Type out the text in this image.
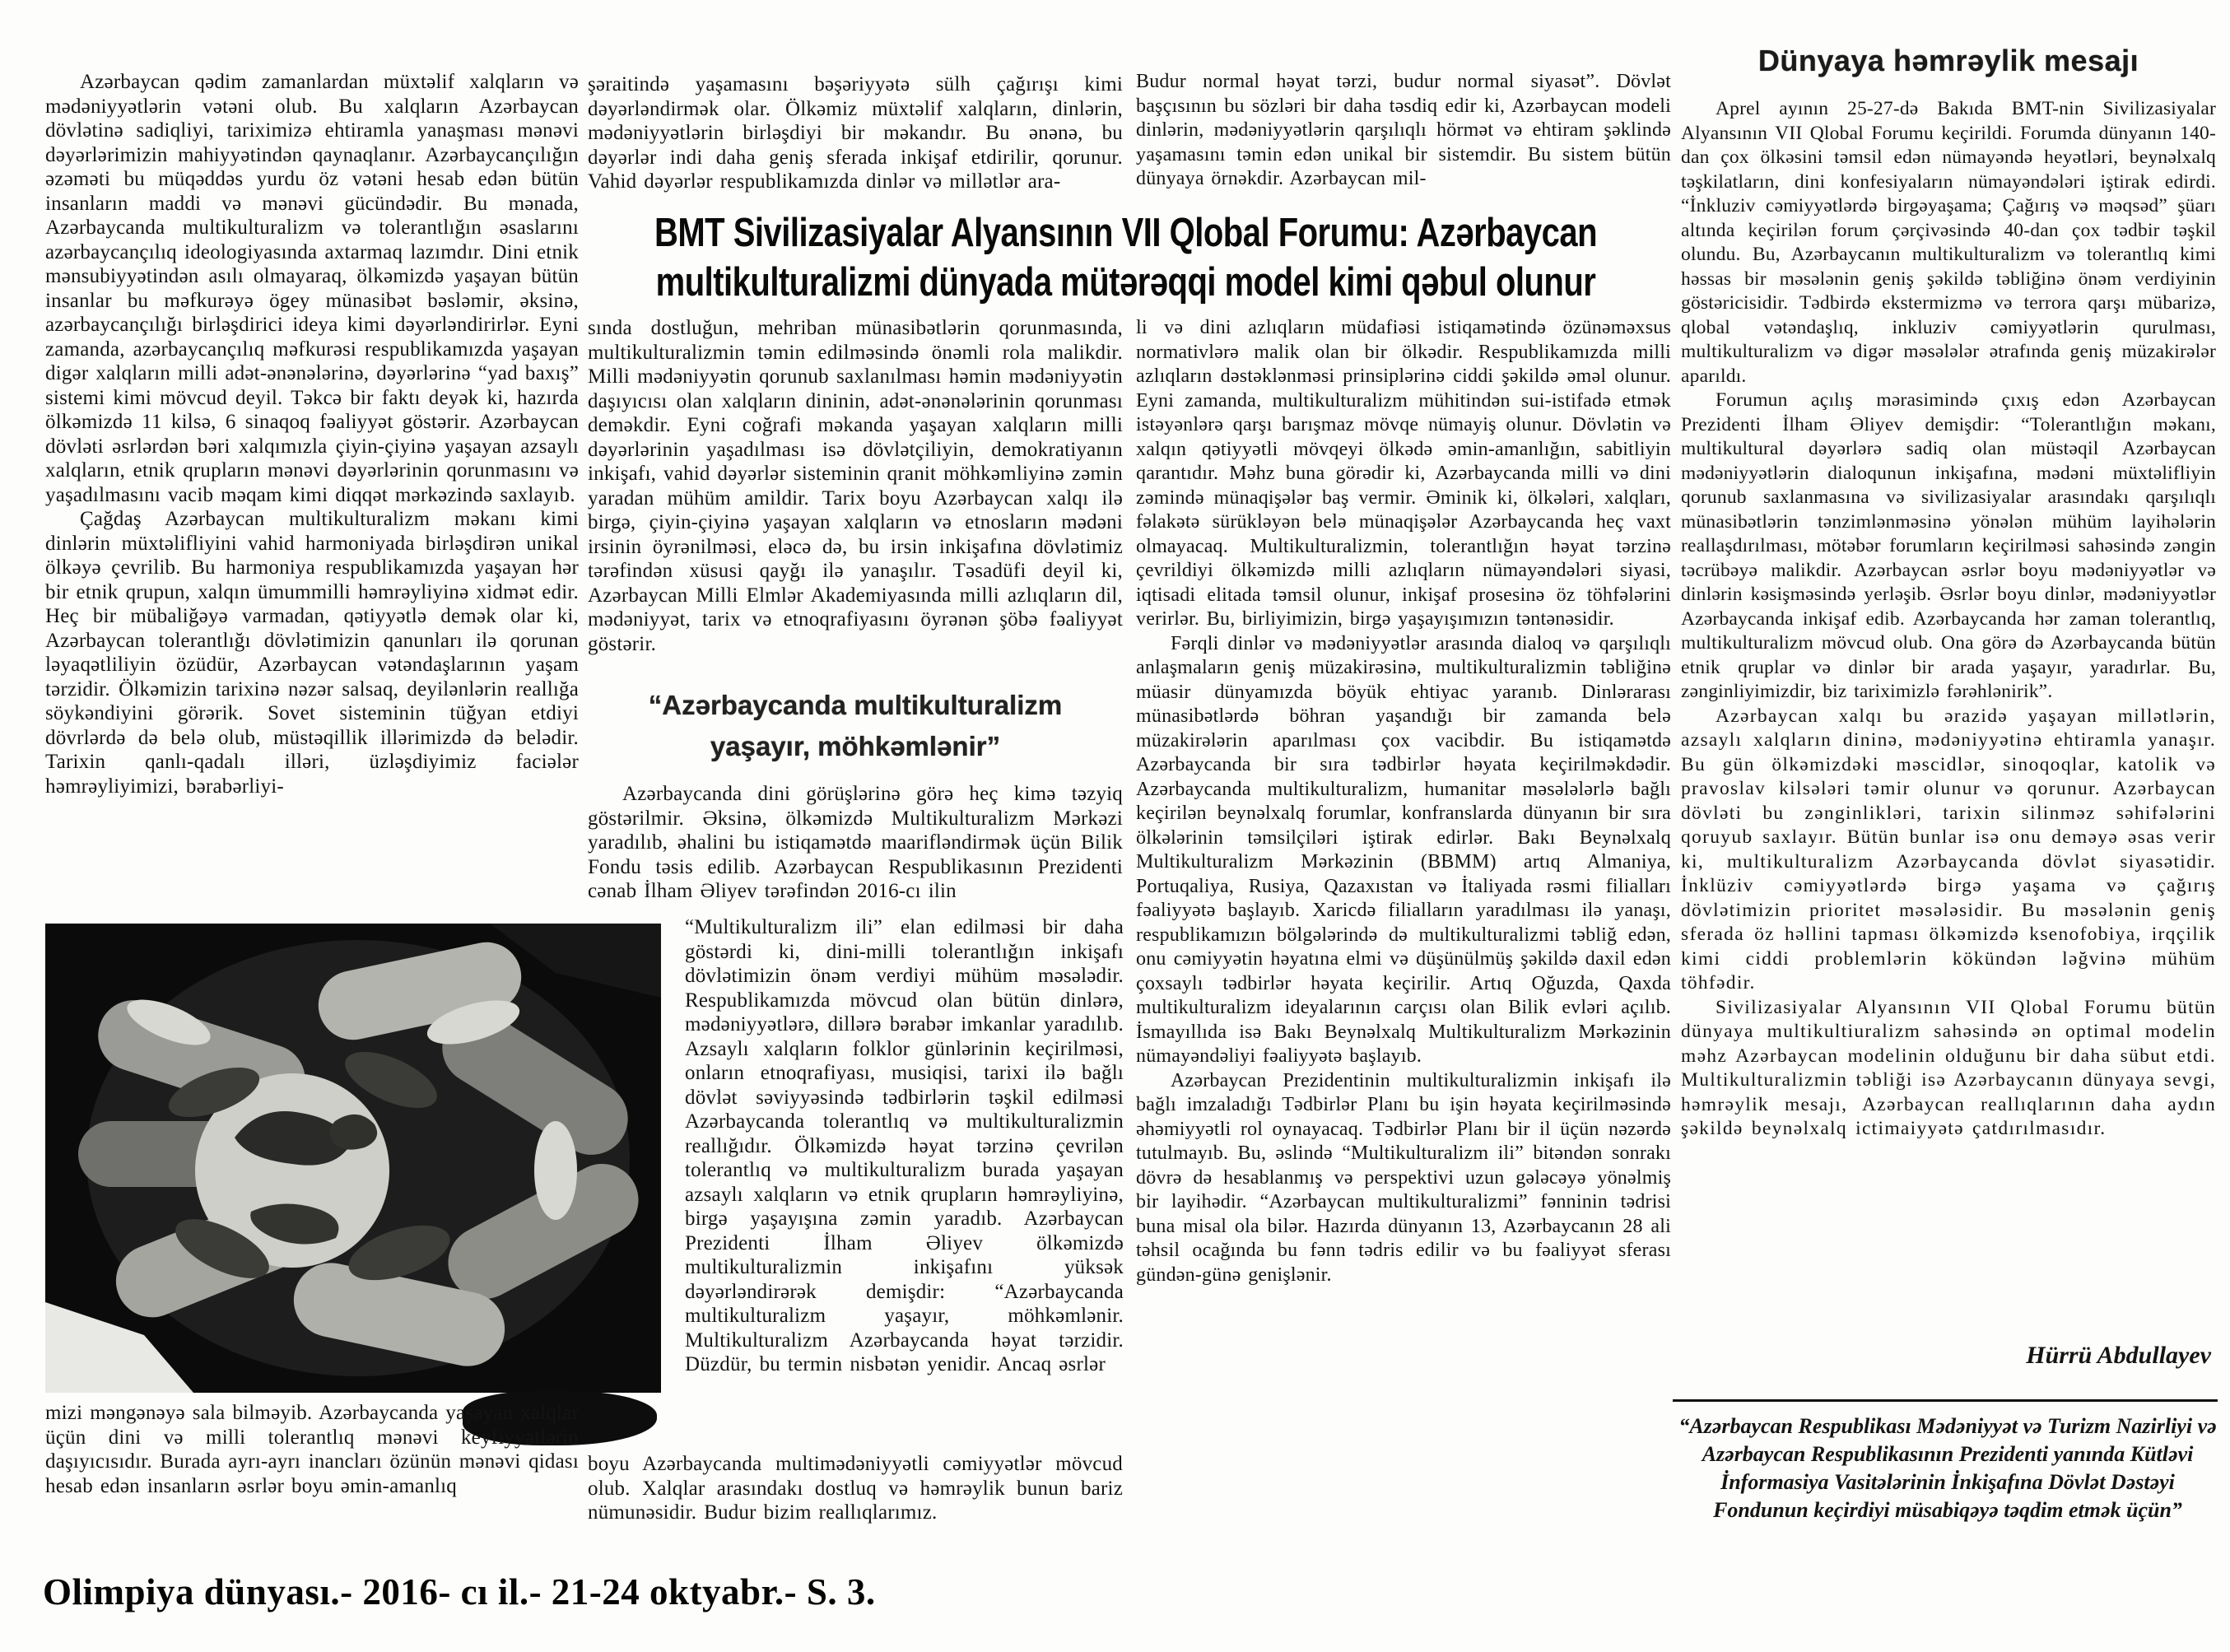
Azərbaycan qədim zamanlardan müxtəlif xalqların və mədəniyyətlərin vətəni olub. Bu xalqların Azərbaycan dövlətinə sadiqliyi, tariximizə ehtiramla yanaşması mənəvi dəyərlərimizin mahiyyətindən qaynaqlanır. Azərbaycançılığın əzəməti bu müqəddəs yurdu öz vətəni hesab edən bütün insanların maddi və mənəvi gücündədir. Bu mənada, Azərbaycanda multikulturalizm və tolerantlığın əsaslarını azərbaycançılıq ideologiyasında axtarmaq lazımdır. Dini etnik mənsubiyyətindən asılı olmayaraq, ölkəmizdə yaşayan bütün insanlar bu məfkurəyə ögey münasibət bəsləmir, əksinə, azərbaycançılığı birləşdirici ideya kimi dəyərləndirirlər. Eyni zamanda, azərbaycançılıq məfkurəsi respublikamızda yaşayan digər xalqların milli adət-ənənələrinə, dəyərlərinə “yad baxış” sistemi kimi mövcud deyil. Təkcə bir faktı deyək ki, hazırda ölkəmizdə 11 kilsə, 6 sinaqoq fəaliyyət göstərir. Azərbaycan dövləti əsrlərdən bəri xalqımızla çiyin-çiyinə yaşayan azsaylı xalqların, etnik qrupların mənəvi dəyərlərinin qorunmasını və yaşadılmasını vacib məqam kimi diqqət mərkəzində saxlayıb.

Çağdaş Azərbaycan multikulturalizm məkanı kimi dinlərin müxtəlifliyini vahid harmoniyada birləşdirən unikal ölkəyə çevrilib. Bu harmoniya respublikamızda yaşayan hər bir etnik qrupun, xalqın ümummilli həmrəyliyinə xidmət edir. Heç bir mübaliğəyə varmadan, qətiyyətlə demək olar ki, Azərbaycan tolerantlığı dövlətimizin qanunları ilə qorunan ləyaqətliliyin özüdür, Azərbaycan vətəndaşlarının yaşam tərzidir. Ölkəmizin tarixinə nəzər salsaq, deyilənlərin reallığa söykəndiyini görərik. Sovet sisteminin tüğyan etdiyi dövrlərdə də belə olub, müstəqillik illərimizdə də belədir. Tarixin qanlı-qadalı illəri, üzləşdiyimiz faciələr həmrəyliyimizi, bərabərliyi-

mizi məngənəyə sala bilməyib. Azərbaycanda yaşayan xalqlar üçün dini və milli tolerantlıq mənəvi keyfiyyətlərin daşıyıcısıdır. Burada ayrı-ayrı inancları özünün mənəvi qidası hesab edən insanların əsrlər boyu əmin-amanlıq

şəraitində yaşamasını bəşəriyyətə sülh çağırışı kimi dəyərləndirmək olar. Ölkəmiz müxtəlif xalqların, dinlərin, mədəniyyətlərin birləşdiyi bir məkandır. Bu ənənə, bu dəyərlər indi daha geniş sferada inkişaf etdirilir, qorunur. Vahid dəyərlər respublikamızda dinlər və millətlər ara-

BMT Sivilizasiyalar Alyansının VII Qlobal Forumu: Azərbaycan
multikulturalizmi dünyada mütərəqqi model kimi qəbul olunur

sında dostluğun, mehriban münasibətlərin qorunmasında, multikulturalizmin təmin edilməsində önəmli rola malikdir. Milli mədəniyyətin qorunub saxlanılması həmin mədəniyyətin daşıyıcısı olan xalqların dininin, adət-ənənələrinin qorunması deməkdir. Eyni coğrafi məkanda yaşayan xalqların milli dəyərlərinin yaşadılması isə dövlətçiliyin, demokratiyanın inkişafı, vahid dəyərlər sisteminin qranit möhkəmliyinə zəmin yaradan mühüm amildir. Tarix boyu Azərbaycan xalqı ilə birgə, çiyin-çiyinə yaşayan xalqların və etnosların mədəni irsinin öyrənilməsi, eləcə də, bu irsin inkişafına dövlətimiz tərəfindən xüsusi qayğı ilə yanaşılır. Təsadüfi deyil ki, Azərbaycan Milli Elmlər Akademiyasında milli azlıqların dil, mədəniyyət, tarix və etnoqrafiyasını öyrənən şöbə fəaliyyət göstərir.

“Azərbaycanda multikulturalizm
yaşayır, möhkəmlənir”

Azərbaycanda dini görüşlərinə görə heç kimə təzyiq göstərilmir. Əksinə, ölkəmizdə Multikulturalizm Mərkəzi yaradılıb, əhalini bu istiqamətdə maarifləndirmək üçün Bilik Fondu təsis edilib. Azərbaycan Respublikasının Prezidenti cənab İlham Əliyev tərəfindən 2016-cı ilin

“Multikulturalizm ili” elan edilməsi bir daha göstərdi ki, dini-milli tolerantlığın inkişafı dövlətimizin önəm verdiyi mühüm məsələdir. Respublikamızda mövcud olan bütün dinlərə, mədəniyyətlərə, dillərə bərabər imkanlar yaradılıb. Azsaylı xalqların folklor günlərinin keçirilməsi, onların etnoqrafiyası, musiqisi, tarixi ilə bağlı dövlət səviyyəsində tədbirlərin təşkil edilməsi Azərbaycanda tolerantlıq və multikulturalizmin reallığıdır. Ölkəmizdə həyat tərzinə çevrilən tolerantlıq və multikulturalizm burada yaşayan azsaylı xalqların və etnik qrupların həmrəyliyinə, birgə yaşayışına zəmin yaradıb. Azərbaycan Prezidenti İlham Əliyev ölkəmizdə multikulturalizmin inkişafını yüksək dəyərləndirərək demişdir: “Azərbaycanda multikulturalizm yaşayır, möhkəmlənir. Multikulturalizm Azərbaycanda həyat tərzidir. Düzdür, bu termin nisbətən yenidir. Ancaq əsrlər

boyu Azərbaycanda multimədəniyyətli cəmiyyətlər mövcud olub. Xalqlar arasındakı dostluq və həmrəylik bunun bariz nümunəsidir. Budur bizim reallıqlarımız.

Budur normal həyat tərzi, budur normal siyasət”. Dövlət başçısının bu sözləri bir daha təsdiq edir ki, Azərbaycan modeli dinlərin, mədəniyyətlərin qarşılıqlı hörmət və ehtiram şəklində yaşamasını təmin edən unikal bir sistemdir. Bu sistem bütün dünyaya örnəkdir. Azərbaycan mil-

li və dini azlıqların müdafiəsi istiqamətində özünəməxsus normativlərə malik olan bir ölkədir. Respublikamızda milli azlıqların dəstəklənməsi prinsiplərinə ciddi şəkildə əməl olunur. Eyni zamanda, multikulturalizm mühitindən sui-istifadə etmək istəyənlərə qarşı barışmaz mövqe nümayiş olunur. Dövlətin və xalqın qətiyyətli mövqeyi ölkədə əmin-amanlığın, sabitliyin qarantıdır. Məhz buna görədir ki, Azərbaycanda milli və dini zəmində münaqişələr baş vermir. Əminik ki, ölkələri, xalqları, fəlakətə sürükləyən belə münaqişələr Azərbaycanda heç vaxt olmayacaq. Multikulturalizmin, tolerantlığın həyat tərzinə çevrildiyi ölkəmizdə milli azlıqların nümayəndələri siyasi, iqtisadi elitada təmsil olunur, inkişaf prosesinə öz töhfələrini verirlər. Bu, birliyimizin, birgə yaşayışımızın təntənəsidir.

Fərqli dinlər və mədəniyyətlər arasında dialoq və qarşılıqlı anlaşmaların geniş müzakirəsinə, multikulturalizmin təbliğinə müasir dünyamızda böyük ehtiyac yaranıb. Dinlərarası münasibətlərdə böhran yaşandığı bir zamanda belə müzakirələrin aparılması çox vacibdir. Bu istiqamətdə Azərbaycanda bir sıra tədbirlər həyata keçirilməkdədir. Azərbaycanda multikulturalizm, humanitar məsələlərlə bağlı keçirilən beynəlxalq forumlar, konfranslarda dünyanın bir sıra ölkələrinin təmsilçiləri iştirak edirlər. Bakı Beynəlxalq Multikulturalizm Mərkəzinin (BBMM) artıq Almaniya, Portuqaliya, Rusiya, Qazaxıstan və İtaliyada rəsmi filialları fəaliyyətə başlayıb. Xaricdə filialların yaradılması ilə yanaşı, respublikamızın bölgələrində də multikulturalizmi təbliğ edən, onu cəmiyyətin həyatına elmi və düşünülmüş şəkildə daxil edən çoxsaylı tədbirlər həyata keçirilir. Artıq Oğuzda, Qaxda multikulturalizm ideyalarının carçısı olan Bilik evləri açılıb. İsmayıllıda isə Bakı Beynəlxalq Multikulturalizm Mərkəzinin nümayəndəliyi fəaliyyətə başlayıb.

Azərbaycan Prezidentinin multikulturalizmin inkişafı ilə bağlı imzaladığı Tədbirlər Planı bu işin həyata keçirilməsində əhəmiyyətli rol oynayacaq. Tədbirlər Planı bir il üçün nəzərdə tutulmayıb. Bu, əslində “Multikulturalizm ili” bitəndən sonrakı dövrə də hesablanmış və perspektivi uzun gələcəyə yönəlmiş bir layihədir. “Azərbaycan multikulturalizmi” fənninin tədrisi buna misal ola bilər. Hazırda dünyanın 13, Azərbaycanın 28 ali təhsil ocağında bu fənn tədris edilir və bu fəaliyyət sferası gündən-günə genişlənir.

Dünyaya həmrəylik mesajı

Aprel ayının 25-27-də Bakıda BMT-nin Sivilizasiyalar Alyansının VII Qlobal Forumu keçirildi. Forumda dünyanın 140-dan çox ölkəsini təmsil edən nümayəndə heyətləri, beynəlxalq təşkilatların, dini konfesiyaların nümayəndələri iştirak edirdi. “İnkluziv cəmiyyətlərdə birgəyaşama; Çağırış və məqsəd” şüarı altında keçirilən forum çərçivəsində 40-dan çox tədbir təşkil olundu. Bu, Azərbaycanın multikulturalizm və tolerantlıq kimi həssas bir məsələnin geniş şəkildə təbliğinə önəm verdiyinin göstəricisidir. Tədbirdə ekstermizmə və terrora qarşı mübarizə, qlobal vətəndaşlıq, inkluziv cəmiyyətlərin qurulması, multikulturalizm və digər məsələlər ətrafında geniş müzakirələr aparıldı.

Forumun açılış mərasimində çıxış edən Azərbaycan Prezidenti İlham Əliyev demişdir: “Tolerantlığın məkanı, multikultural dəyərlərə sadiq olan müstəqil Azərbaycan mədəniyyətlərin dialoqunun inkişafına, mədəni müxtəlifliyin qorunub saxlanmasına və sivilizasiyalar arasındakı qarşılıqlı münasibətlərin tənzimlənməsinə yönələn mühüm layihələrin reallaşdırılması, mötəbər forumların keçirilməsi sahəsində zəngin təcrübəyə malikdir. Azərbaycan əsrlər boyu mədəniyyətlər və dinlərin kəsişməsində yerləşib. Əsrlər boyu dinlər, mədəniyyətlər Azərbaycanda inkişaf edib. Azərbaycanda hər zaman tolerantlıq, multikulturalizm mövcud olub. Ona görə də Azərbaycanda bütün etnik qruplar və dinlər bir arada yaşayır, yaradırlar. Bu, zənginliyimizdir, biz tariximizlə fərəhlənirik”.

Azərbaycan xalqı bu ərazidə yaşayan millətlərin, azsaylı xalqların dininə, mədəniyyətinə ehtiramla yanaşır. Bu gün ölkəmizdəki məscidlər, sinoqoqlar, katolik və pravoslav kilsələri təmir olunur və qorunur. Azərbaycan dövləti bu zənginlikləri, tarixin silinməz səhifələrini qoruyub saxlayır. Bütün bunlar isə onu deməyə əsas verir ki, multikulturalizm Azərbaycanda dövlət siyasətidir. İnklüziv cəmiyyətlərdə birgə yaşama və çağırış dövlətimizin prioritet məsələsidir. Bu məsələnin geniş sferada öz həllini tapması ölkəmizdə ksenofobiya, irqçilik kimi ciddi problemlərin kökündən ləğvinə mühüm töhfədir.

Sivilizasiyalar Alyansının VII Qlobal Forumu bütün dünyaya multikultiuralizm sahəsində ən optimal modelin məhz Azərbaycan modelinin olduğunu bir daha sübut etdi. Multikulturalizmin təbliği isə Azərbaycanın dünyaya sevgi, həmrəylik mesajı, Azərbaycan reallıqlarının daha aydın şəkildə beynəlxalq ictimaiyyətə çatdırılmasıdır.

Hürrü Abdullayev
“Azərbaycan Respublikası Mədəniyyət və Turizm Nazirliyi və Azərbaycan Respublikasının Prezidenti yanında Kütləvi İnformasiya Vasitələrinin İnkişafına Dövlət Dəstəyi Fondunun keçirdiyi müsabiqəyə təqdim etmək üçün”
Olimpiya dünyası.- 2016- cı il.- 21-24 oktyabr.- S. 3.
